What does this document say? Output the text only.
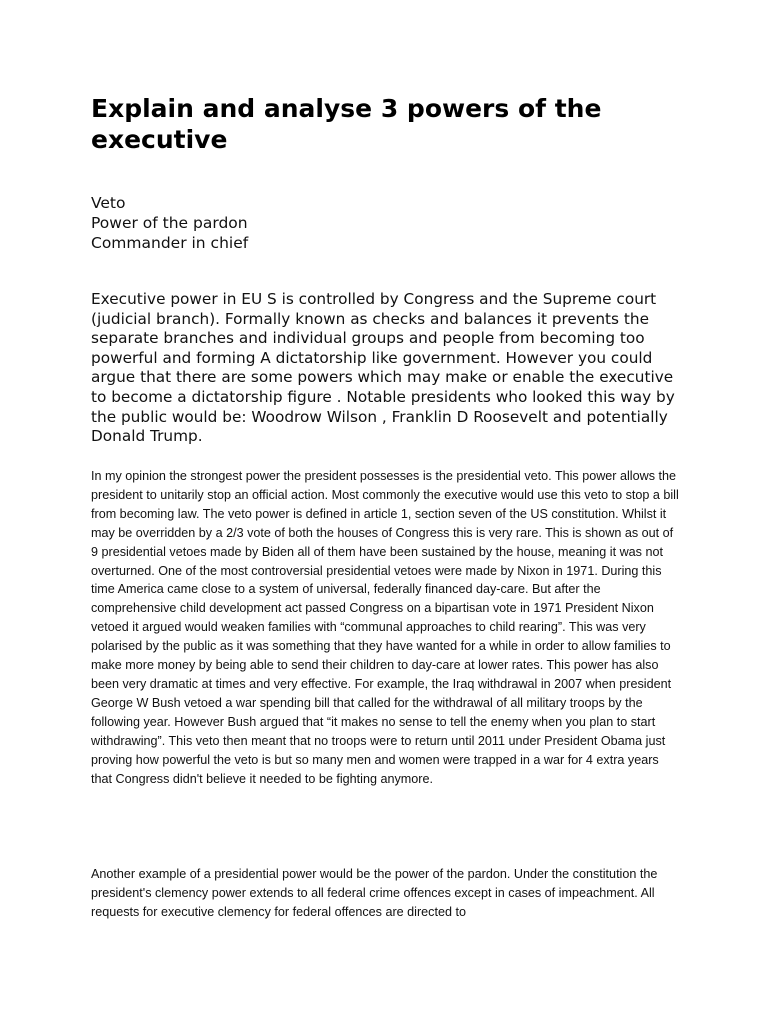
Explain and analyse 3 powers of the executive
Veto
Power of the pardon
Commander in chief

Executive power in EU S is controlled by Congress and the Supreme court (judicial branch). Formally known as checks and balances it prevents the separate branches and individual groups and people from becoming too powerful and forming A dictatorship like government. However you could argue that there are some powers which may make or enable the executive to become a dictatorship figure . Notable presidents who looked this way by the public would be: Woodrow Wilson , Franklin D Roosevelt and potentially Donald Trump.

In my opinion the strongest power the president possesses is the presidential veto. This power allows the president to unitarily stop an official action. Most commonly the executive would use this veto to stop a bill from becoming law. The veto power is defined in article 1, section seven of the US constitution. Whilst it may be overridden by a 2/3 vote of both the houses of Congress this is very rare. This is shown as out of 9 presidential vetoes made by Biden all of them have been sustained by the house, meaning it was not overturned. One of the most controversial presidential vetoes were made by Nixon in 1971. During this time America came close to a system of universal, federally financed day-care. But after the comprehensive child development act passed Congress on a bipartisan vote in 1971 President Nixon vetoed it argued would weaken families with “communal approaches to child rearing”. This was very polarised by the public as it was something that they have wanted for a while in order to allow families to make more money by being able to send their children to day-care at lower rates. This power has also been very dramatic at times and very effective. For example, the Iraq withdrawal in 2007 when president George W Bush vetoed a war spending bill that called for the withdrawal of all military troops by the following year. However Bush argued that “it makes no sense to tell the enemy when you plan to start withdrawing”. This veto then meant that no troops were to return until 2011 under President Obama just proving how powerful the veto is but so many men and women were trapped in a war for 4 extra years that Congress didn't believe it needed to be fighting anymore.

Another example of a presidential power would be the power of the pardon. Under the constitution the president's clemency power extends to all federal crime offences except in cases of impeachment. All requests for executive clemency for federal offences are directed to
